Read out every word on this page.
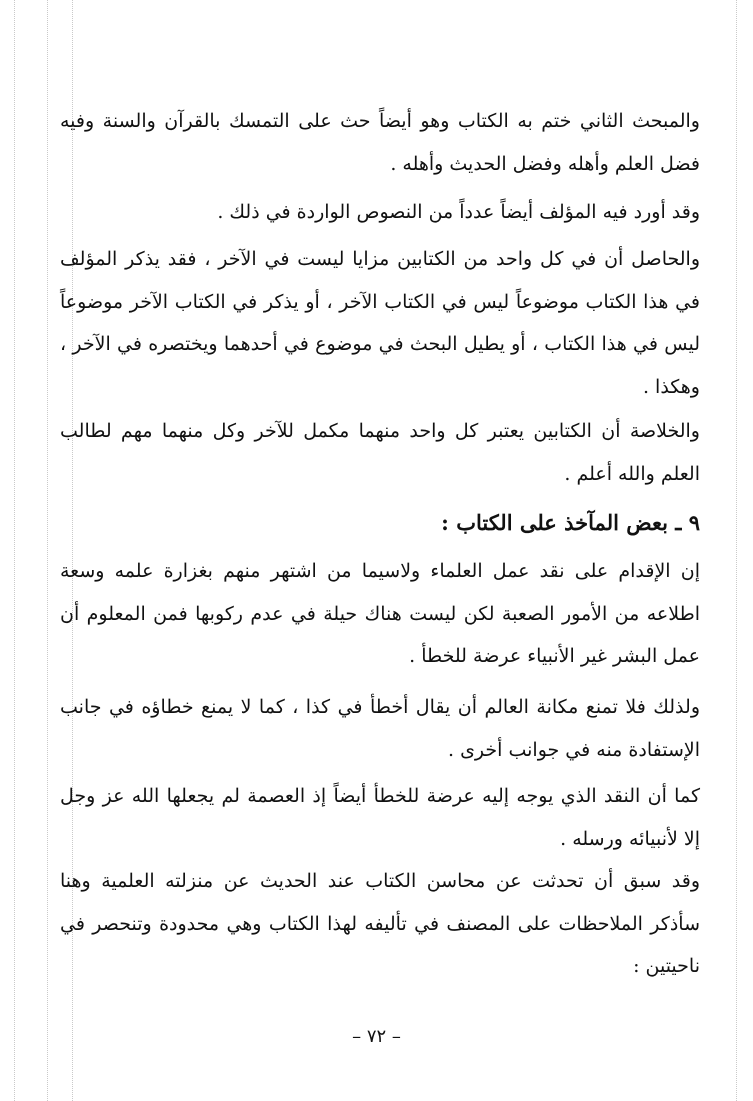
والمبحث الثاني ختم به الكتاب وهو أيضاً حث على التمسك بالقرآن والسنة وفيه فضل العلم وأهله وفضل الحديث وأهله .

وقد أورد فيه المؤلف أيضاً عدداً من النصوص الواردة في ذلك .

والحاصل أن في كل واحد من الكتابين مزايا ليست في الآخر ، فقد يذكر المؤلف في هذا الكتاب موضوعاً ليس في الكتاب الآخر ، أو يذكر في الكتاب الآخر موضوعاً ليس في هذا الكتاب ، أو يطيل البحث في موضوع في أحدهما ويختصره في الآخر ، وهكذا .

والخلاصة أن الكتابين يعتبر كل واحد منهما مكمل للآخر وكل منهما مهم لطالب العلم والله أعلم .

٩ ـ بعض المآخذ على الكتاب :

إن الإقدام على نقد عمل العلماء ولاسيما من اشتهر منهم بغزارة علمه وسعة اطلاعه من الأمور الصعبة لكن ليست هناك حيلة في عدم ركوبها فمن المعلوم أن عمل البشر غير الأنبياء عرضة للخطأ .

ولذلك فلا تمنع مكانة العالم أن يقال أخطأ في كذا ، كما لا يمنع خطاؤه في جانب الإستفادة منه في جوانب أخرى .

كما أن النقد الذي يوجه إليه عرضة للخطأ أيضاً إذ العصمة لم يجعلها الله عز وجل إلا لأنبيائه ورسله .

وقد سبق أن تحدثت عن محاسن الكتاب عند الحديث عن منزلته العلمية وهنا سأذكر الملاحظات على المصنف في تأليفه لهذا الكتاب وهي محدودة وتنحصر في ناحيتين :

– ٧٢ –
